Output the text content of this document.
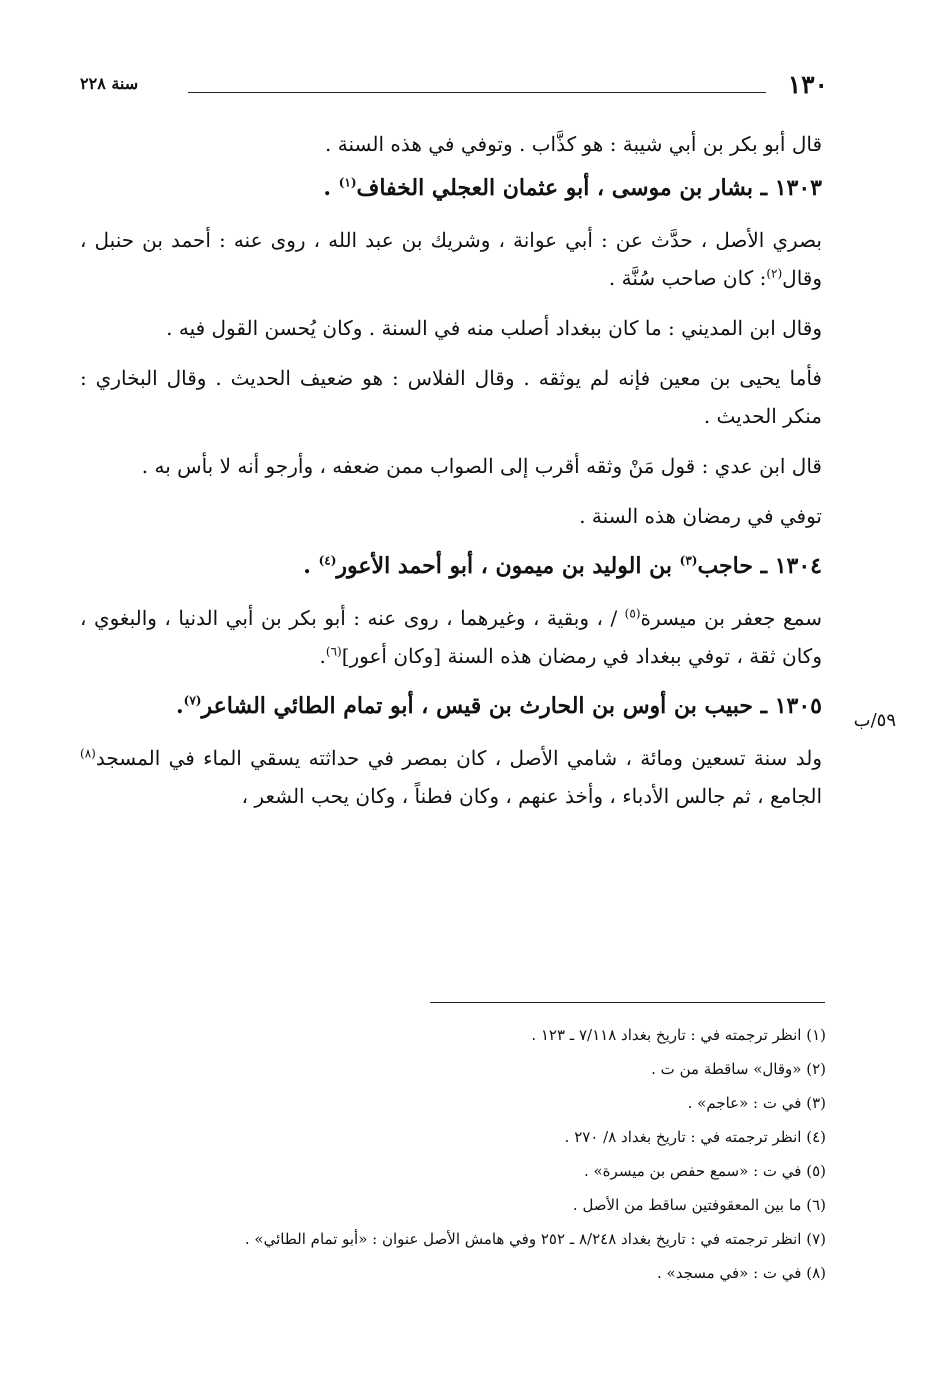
١٣٠
سنة ٢٢٨
٥٩/ب

قال أبو بكر بن أبي شيبة : هو كذَّاب . وتوفي في هذه السنة .

١٣٠٣ ـ بشار بن موسى ، أبو عثمان العجلي الخفاف$^{(١)}$ .

بصري الأصل ، حدَّث عن : أبي عوانة ، وشريك بن عبد الله ، روى عنه : أحمد بن حنبل ، وقال$^{(٢)}$: كان صاحب سُنَّة .

وقال ابن المديني : ما كان ببغداد أصلب منه في السنة . وكان يُحسن القول فيه .

فأما يحيى بن معين فإنه لم يوثقه . وقال الفلاس : هو ضعيف الحديث . وقال البخاري : منكر الحديث .

قال ابن عدي : قول مَنْ وثقه أقرب إلى الصواب ممن ضعفه ، وأرجو أنه لا بأس به .

توفي في رمضان هذه السنة .

١٣٠٤ ـ حاجب$^{(٣)}$ بن الوليد بن ميمون ، أبو أحمد الأعور$^{(٤)}$ .

سمع جعفر بن ميسرة$^{(٥)}$ / ، وبقية ، وغيرهما ، روى عنه : أبو بكر بن أبي الدنيا ، والبغوي ، وكان ثقة ، توفي ببغداد في رمضان هذه السنة [وكان أعور]$^{(٦)}$.

١٣٠٥ ـ حبيب بن أوس بن الحارث بن قيس ، أبو تمام الطائي الشاعر$^{(٧)}$.

ولد سنة تسعين ومائة ، شامي الأصل ، كان بمصر في حداثته يسقي الماء في المسجد$^{(٨)}$ الجامع ، ثم جالس الأدباء ، وأخذ عنهم ، وكان فطناً ، وكان يحب الشعر ،

(١) انظر ترجمته في : تاريخ بغداد ٧/١١٨ ـ ١٢٣ .

(٢) «وقال» ساقطة من ت .

(٣) في ت : «عاجم» .

(٤) انظر ترجمته في : تاريخ بغداد ٨/ ٢٧٠ .

(٥) في ت : «سمع حفص بن ميسرة» .

(٦) ما بين المعقوفتين ساقط من الأصل .

(٧) انظر ترجمته في : تاريخ بغداد ٨/٢٤٨ ـ ٢٥٢ وفي هامش الأصل عنوان : «أبو تمام الطائي» .

(٨) في ت : «في مسجد» .
